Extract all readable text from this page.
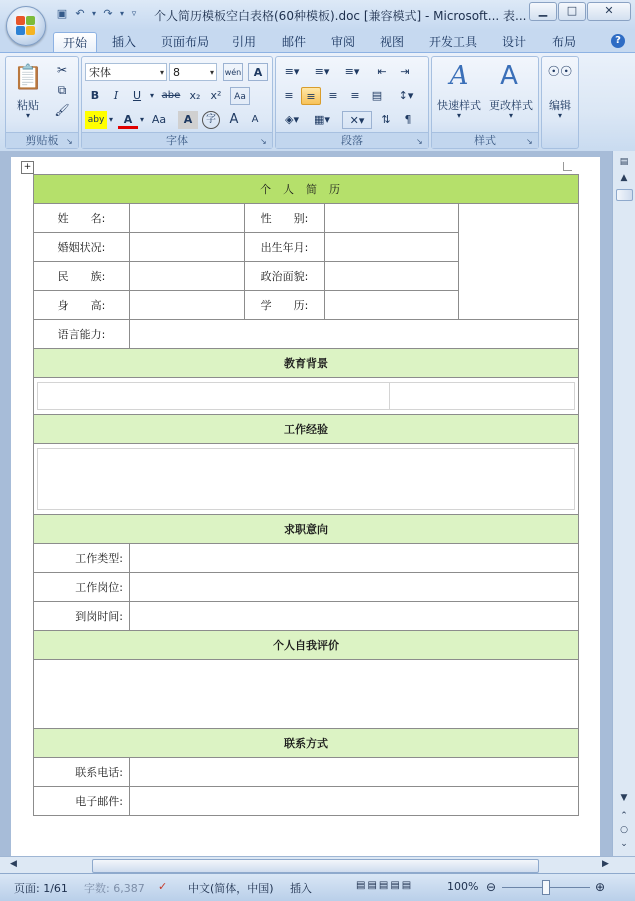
▣ ↶ ▾ ↷ ▾ ▿	个人简历模板空白表格(60种模板).doc [兼容模式] - Microsoft... 表...	▁	□	✕
开始	插入	页面布局	引用	邮件	审阅	视图	开发工具	设计	布局	?
📋
粘贴
▾
✂
⧉
🖌
剪贴板 ↘
宋体	▾ 8	▾ wén	A
B	I	U	▾ abe x₂ x²	Aa
aby ▾ A ▾ Aa	A	字	A	A
字体	↘
≡▾	≡▾	≡▾	⇤	⇥
≡	≡	≡	≡	▤	↕▾
◈▾	▦▾	✕▾	⇅	¶
段落	↘
A
快速样式
▾
A
更改样式
▾
样式	↘
☉☉
编辑
▾
+
个人简历				
姓　　名:		性　　别:		
婚姻状况:		出生年月:		
民　　族:		政治面貌:		
身　　高:		学　　历:		
语言能力:				
教育背景				

工作经验				

求职意向				
工作类型:				
工作岗位:				
到岗时间:				
个人自我评价				

联系方式				
联系电话:				
电子邮件:				
▤
▲
▼
⌃
○
⌄
◀	▶
页面: 1/61 字数: 6,387 ✓ 中文(简体，中国) 插入	▤▤▤▤▤	100% ⊖	⊕
